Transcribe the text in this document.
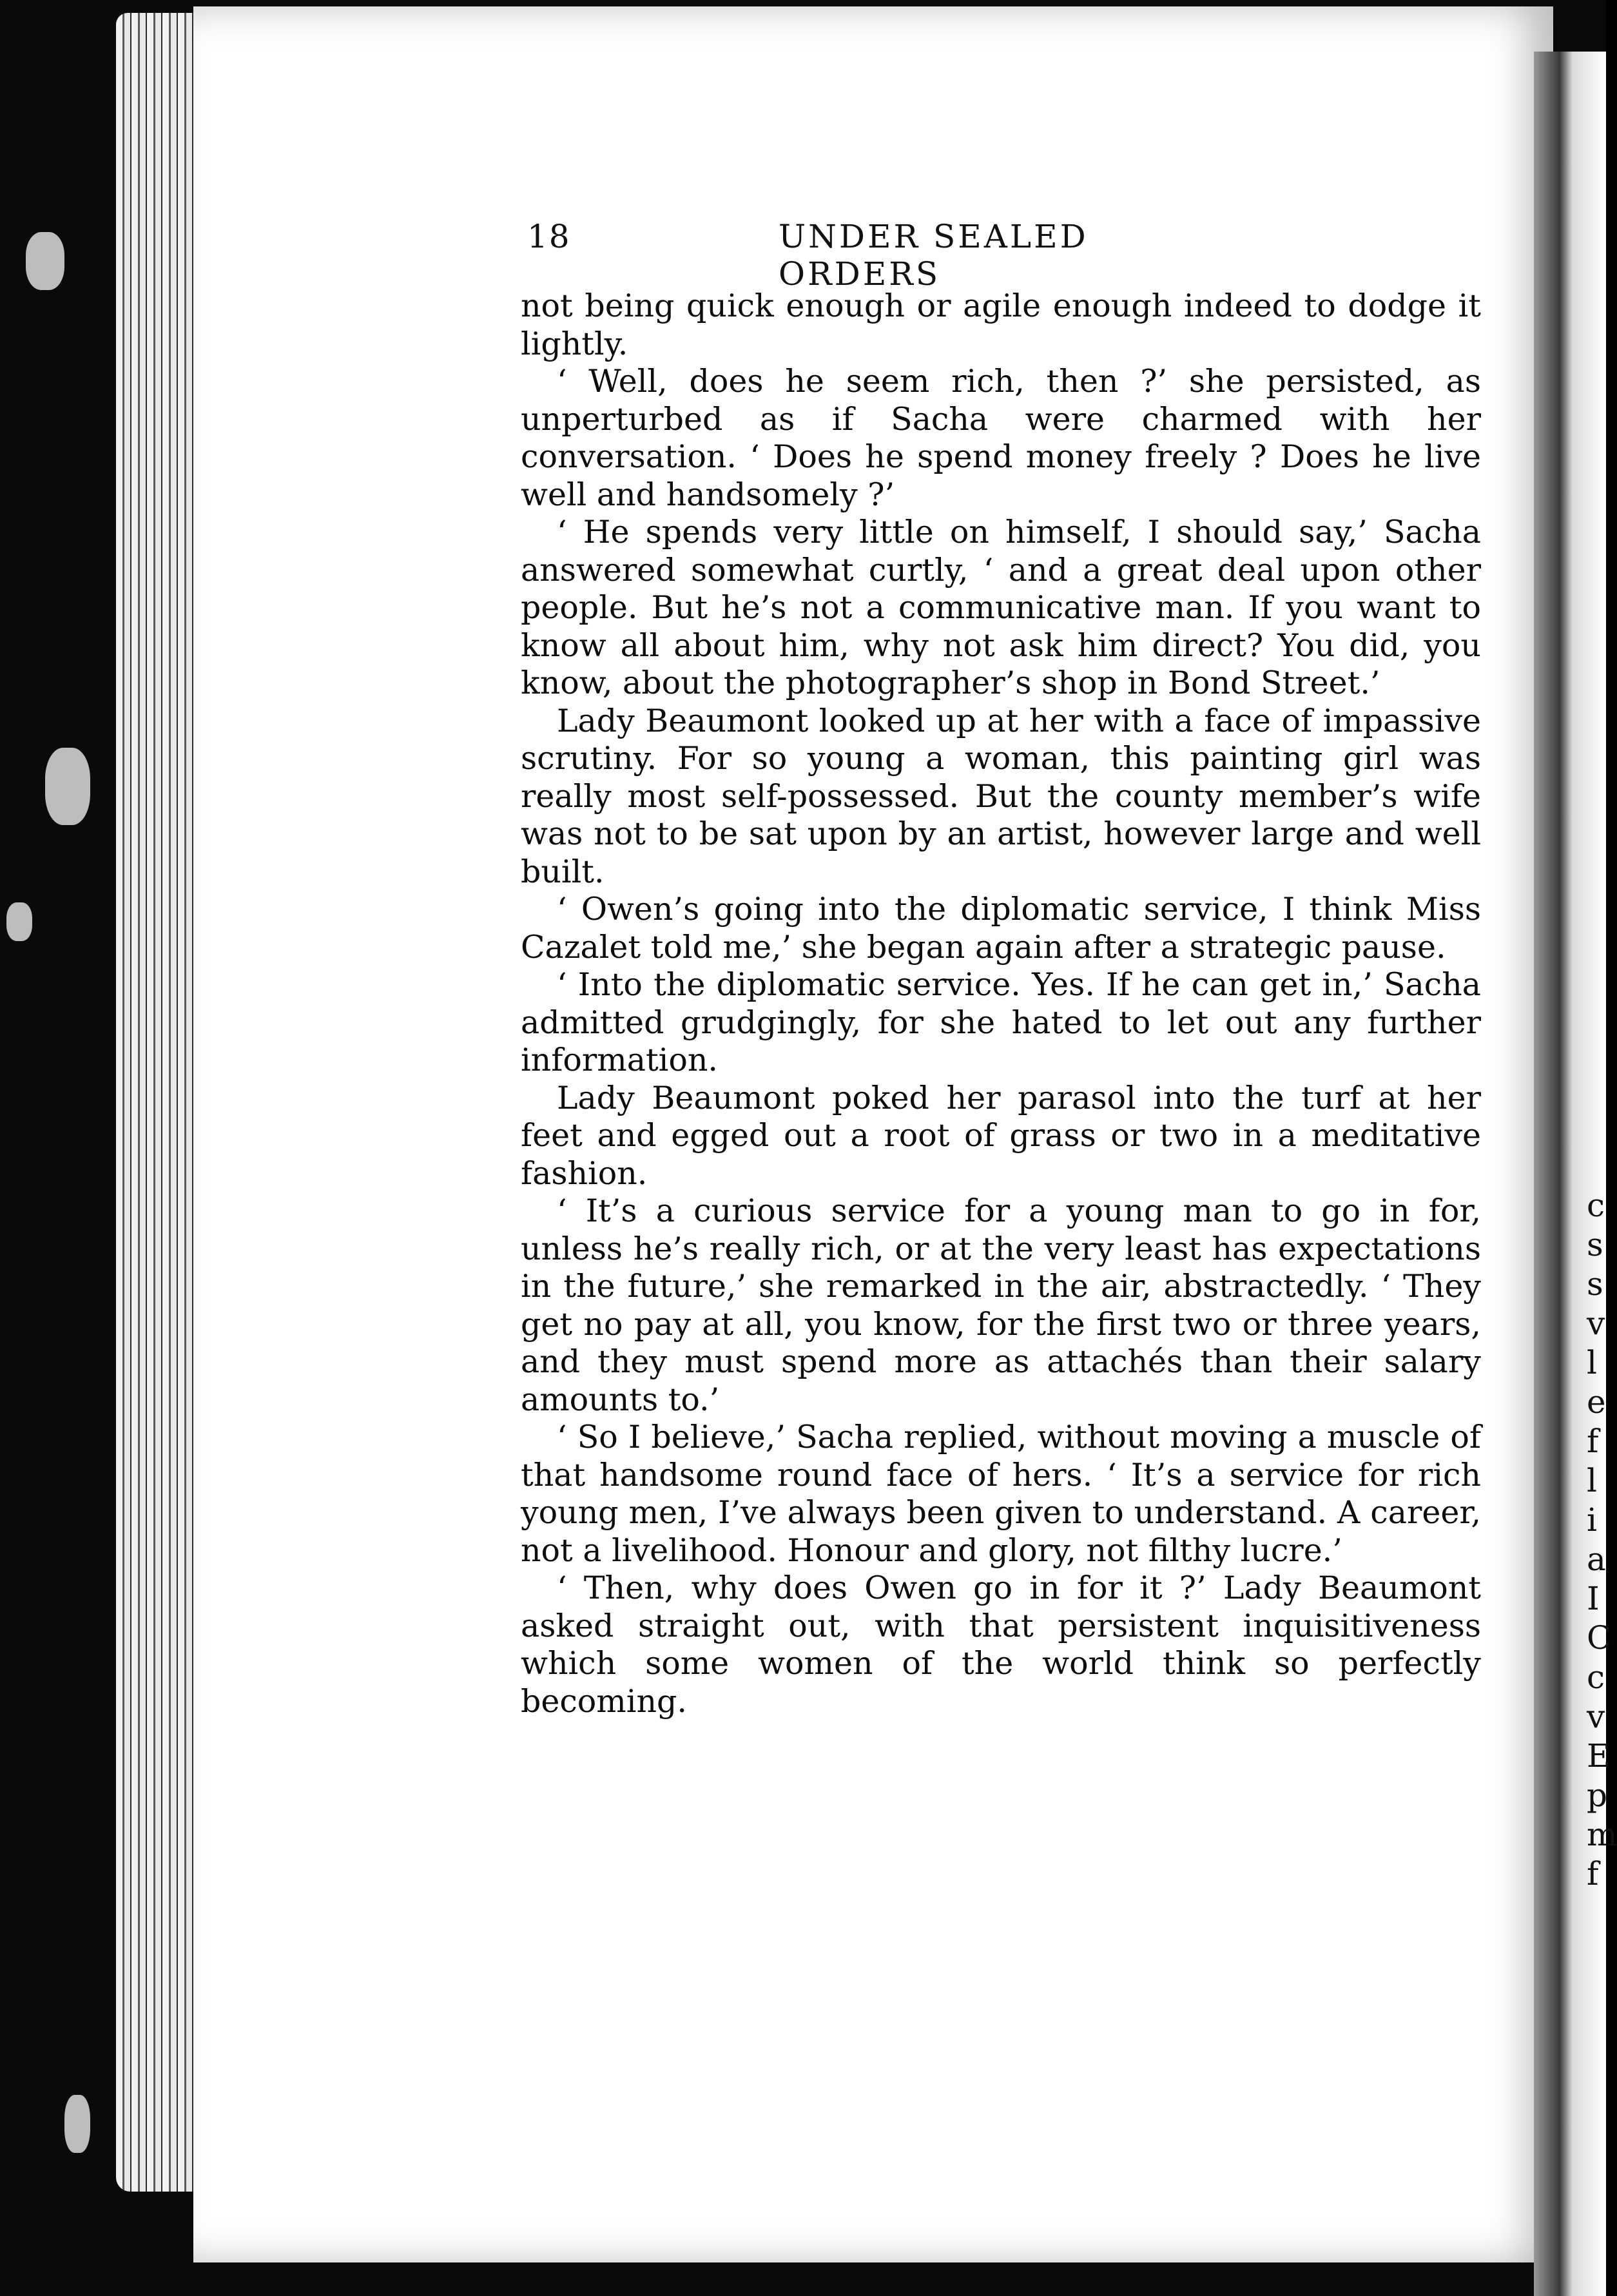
c
s
s
v
l
e
f
l
i
a
I
C
c
v
E
p
m
f
18	UNDER SEALED ORDERS

not being quick enough or agile enough indeed to dodge it lightly.

‘ Well, does he seem rich, then ?’ she persisted, as unperturbed as if Sacha were charmed with her conversation. ‘ Does he spend money freely ? Does he live well and handsomely ?’

‘ He spends very little on himself, I should say,’ Sacha answered somewhat curtly, ‘ and a great deal upon other people. But he’s not a communicative man. If you want to know all about him, why not ask him direct? You did, you know, about the photographer’s shop in Bond Street.’

Lady Beaumont looked up at her with a face of impassive scrutiny. For so young a woman, this painting girl was really most self-possessed. But the county member’s wife was not to be sat upon by an artist, however large and well built.

‘ Owen’s going into the diplomatic service, I think Miss Cazalet told me,’ she began again after a strategic pause.

‘ Into the diplomatic service. Yes. If he can get in,’ Sacha admitted grudgingly, for she hated to let out any further information.

Lady Beaumont poked her parasol into the turf at her feet and egged out a root of grass or two in a meditative fashion.

‘ It’s a curious service for a young man to go in for, unless he’s really rich, or at the very least has expectations in the future,’ she remarked in the air, abstractedly. ‘ They get no pay at all, you know, for the first two or three years, and they must spend more as attachés than their salary amounts to.’

‘ So I believe,’ Sacha replied, without moving a muscle of that handsome round face of hers. ‘ It’s a service for rich young men, I’ve always been given to understand. A career, not a livelihood. Honour and glory, not filthy lucre.’

‘ Then, why does Owen go in for it ?’ Lady Beaumont asked straight out, with that persistent inquisitiveness which some women of the world think so perfectly becoming.
